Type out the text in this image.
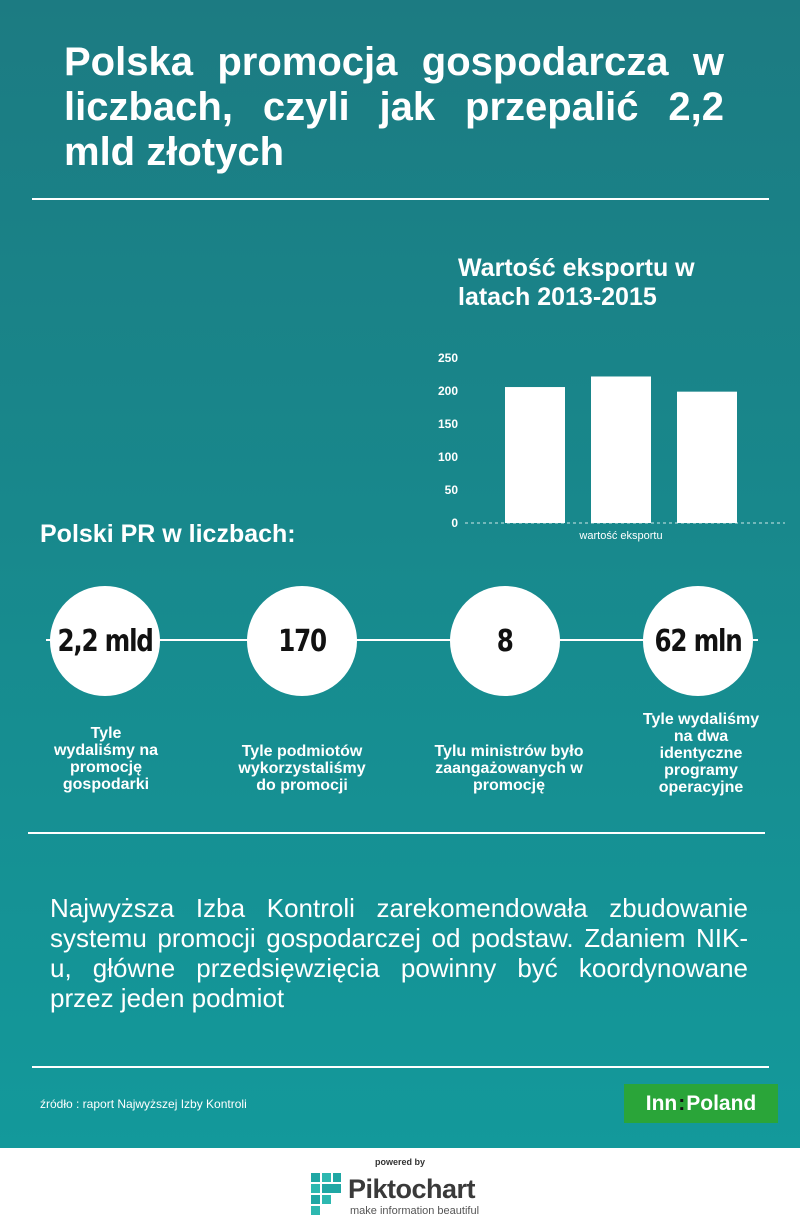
Polska promocja gospodarcza w liczbach, czyli jak przepalić 2,2 mld złotych
Wartość eksportu w latach 2013-2015
0
50
100
150
200
250
wartość eksportu
Polski PR w liczbach:
2,2 mld	170	8	62 mln
Tyle wydaliśmy na promocję gospodarki
Tyle podmiotów wykorzystaliśmy do promocji
Tylu ministrów było zaangażowanych w promocję
Tyle wydaliśmy na dwa identyczne programy operacyjne

Najwyższa Izba Kontroli zarekomendowała zbudowanie systemu promocji gospodarczej od podstaw. Zdaniem NIK-u, główne przedsięwzięcia powinny być koordynowane przez jeden podmiot

źródło : raport Najwyższej Izby Kontroli	Inn : Poland
powered by
Piktochart
make information beautiful
